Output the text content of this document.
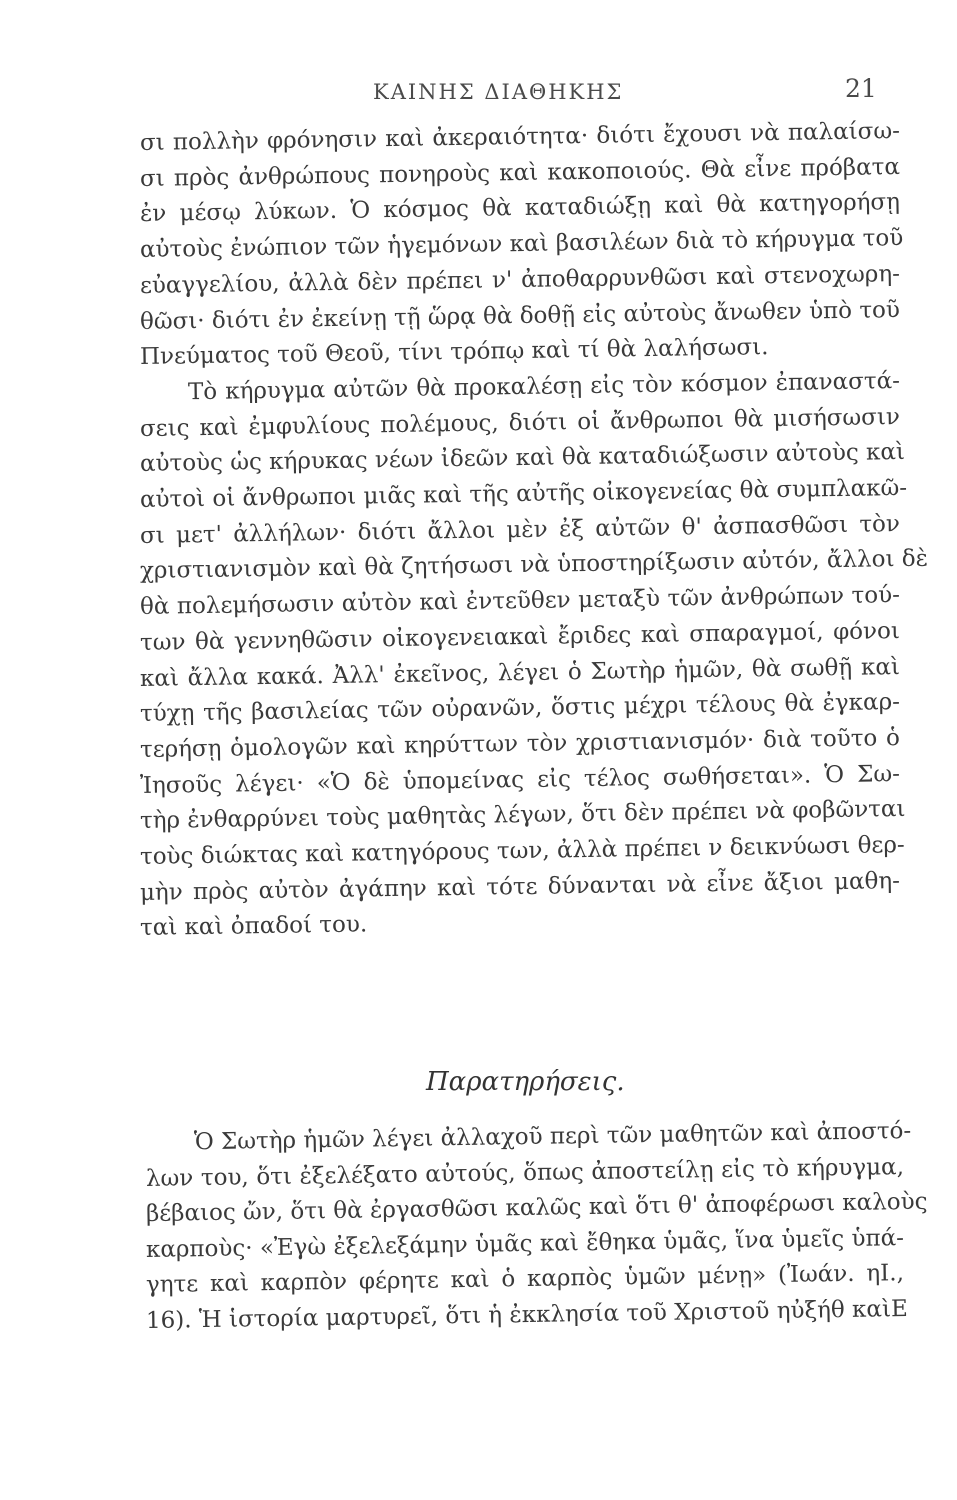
ΚΑΙΝΗΣ ΔΙΑΘΗΚΗΣ	21
σι πολλὴν φρόνησιν καὶ ἀκεραιότητα· διότι ἔχουσι νὰ παλαίσω-
σι πρὸς ἀνθρώπους πονηροὺς καὶ κακοποιούς. Θὰ εἶνε πρόβατα
ἐν μέσῳ λύκων. Ὁ κόσμος θὰ καταδιώξῃ καὶ θὰ κατηγορήσῃ
αὐτοὺς ἐνώπιον τῶν ἡγεμόνων καὶ βασιλέων διὰ τὸ κήρυγμα τοῦ
εὐαγγελίου, ἀλλὰ δὲν πρέπει ν' ἀποθαρρυνθῶσι καὶ στενοχωρη-
θῶσι· διότι ἐν ἐκείνῃ τῇ ὥρᾳ θὰ δοθῇ εἰς αὐτοὺς ἄνωθεν ὑπὸ τοῦ
Πνεύματος τοῦ Θεοῦ, τίνι τρόπῳ καὶ τί θὰ λαλήσωσι.
Τὸ κήρυγμα αὐτῶν θὰ προκαλέσῃ εἰς τὸν κόσμον ἐπαναστά-
σεις καὶ ἐμφυλίους πολέμους, διότι οἱ ἄνθρωποι θὰ μισήσωσιν
αὐτοὺς ὡς κήρυκας νέων ἰδεῶν καὶ θὰ καταδιώξωσιν αὐτοὺς καὶ
αὐτοὶ οἱ ἄνθρωποι μιᾶς καὶ τῆς αὐτῆς οἰκογενείας θὰ συμπλακῶ-
σι μετ' ἀλλήλων· διότι ἄλλοι μὲν ἐξ αὐτῶν θ' ἀσπασθῶσι τὸν
χριστιανισμὸν καὶ θὰ ζητήσωσι νὰ ὑποστηρίξωσιν αὐτόν, ἄλλοι δὲ
θὰ πολεμήσωσιν αὐτὸν καὶ ἐντεῦθεν μεταξὺ τῶν ἀνθρώπων τού-
των θὰ γεννηθῶσιν οἰκογενειακαὶ ἔριδες καὶ σπαραγμοί, φόνοι
καὶ ἄλλα κακά. Ἀλλ' ἐκεῖνος, λέγει ὁ Σωτὴρ ἡμῶν, θὰ σωθῇ καὶ
τύχῃ τῆς βασιλείας τῶν οὐρανῶν, ὅστις μέχρι τέλους θὰ ἐγκαρ-
τερήσῃ ὁμολογῶν καὶ κηρύττων τὸν χριστιανισμόν· διὰ τοῦτο ὁ
Ἰησοῦς λέγει· «Ὁ δὲ ὑπομείνας εἰς τέλος σωθήσεται». Ὁ Σω-
τὴρ ἐνθαρρύνει τοὺς μαθητὰς λέγων, ὅτι δὲν πρέπει νὰ φοβῶνται
τοὺς διώκτας καὶ κατηγόρους των, ἀλλὰ πρέπει ν δεικνύωσι θερ-
μὴν πρὸς αὐτὸν ἀγάπην καὶ τότε δύνανται νὰ εἶνε ἄξιοι μαθη-
ταὶ καὶ ὀπαδοί του.
Παρατηρήσεις.
Ὁ Σωτὴρ ἡμῶν λέγει ἀλλαχοῦ περὶ τῶν μαθητῶν καὶ ἀποστό-
λων του, ὅτι ἐξελέξατο αὐτούς, ὅπως ἀποστείλῃ εἰς τὸ κήρυγμα,
βέβαιος ὤν, ὅτι θὰ ἐργασθῶσι καλῶς καὶ ὅτι θ' ἀποφέρωσι καλοὺς
καρποὺς· «Ἐγὼ ἐξελεξάμην ὑμᾶς καὶ ἔθηκα ὑμᾶς, ἵνα ὑμεῖς ὑπά-
γητε καὶ καρπὸν φέρητε καὶ ὁ καρπὸς ὑμῶν μένῃ» (Ἰωάν. ηΙ.,
16). Ἡ ἱστορία μαρτυρεῖ, ὅτι ἡ ἐκκλησία τοῦ Χριστοῦ ηὐξήθ καὶΕ
